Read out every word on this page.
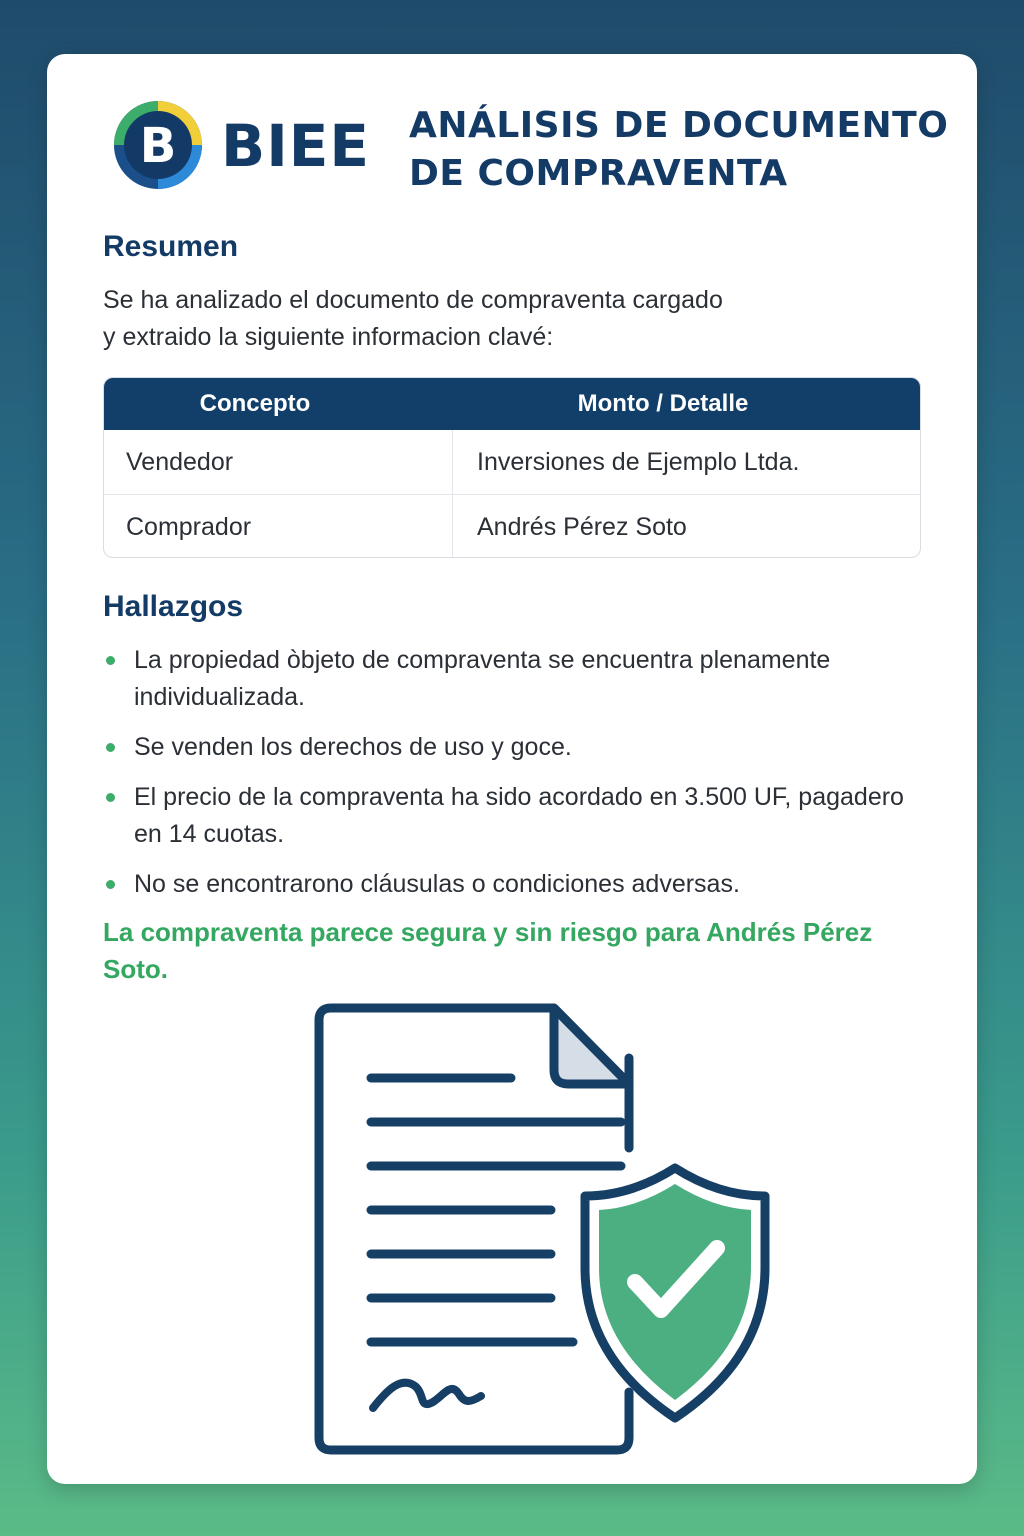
B BIEE ANÁLISIS DE DOCUMENTO
DE COMPRAVENTA
Resumen
Se ha analizado el documento de compraventa cargado
y extraido la siguiente informacion clavé:
Concepto	Monto / Detalle
Vendedor	Inversiones de Ejemplo Ltda.
Comprador	Andrés Pérez Soto
Hallazgos
La propiedad òbjeto de compraventa se encuentra plenamente individualizada.
Se venden los derechos de uso y goce.
El precio de la compraventa ha sido acordado en 3.500 UF, pagadero en 14 cuotas.
No se encontrarono cláusulas o condiciones adversas.
La compraventa parece segura y sin riesgo para Andrés Pérez Soto.
